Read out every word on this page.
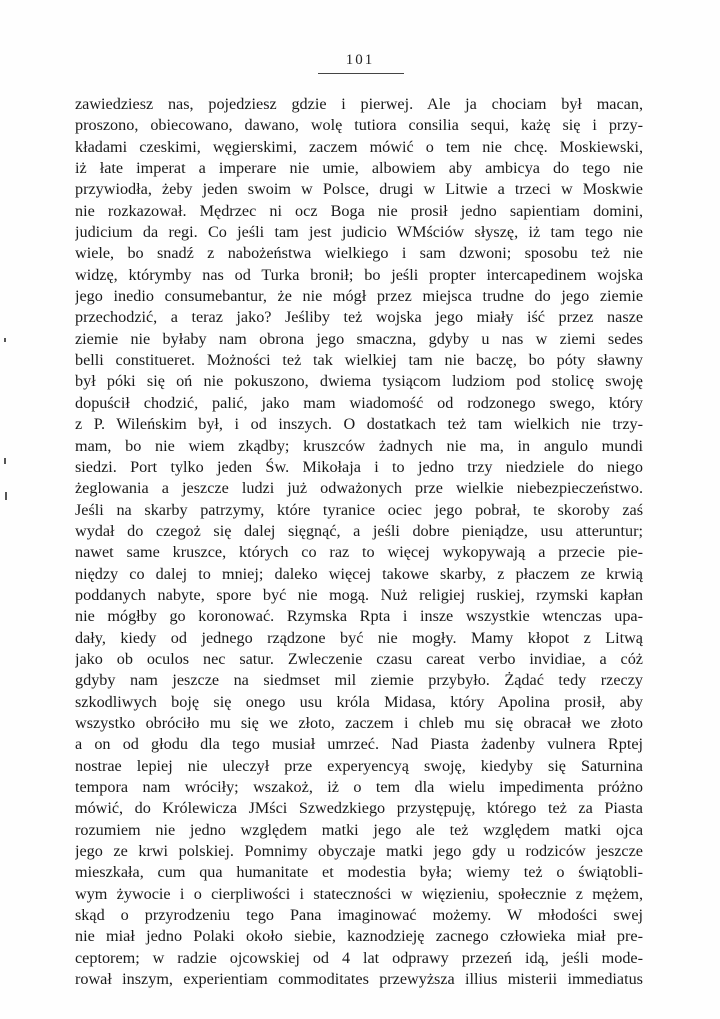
101
zawiedziesz nas, pojedziesz gdzie i pierwej. Ale ja chociam był macan,
proszono, obiecowano, dawano, wolę tutiora consilia sequi, każę się i przy-
kładami czeskimi, węgierskimi, zaczem mówić o tem nie chcę. Moskiewski,
iż łate imperat a imperare nie umie, albowiem aby ambicya do tego nie
przywiodła, żeby jeden swoim w Polsce, drugi w Litwie a trzeci w Moskwie
nie rozkazował. Mędrzec ni ocz Boga nie prosił jedno sapientiam domini,
judicium da regi. Co jeśli tam jest judicio WMściów słyszę, iż tam tego nie
wiele, bo snadź z nabożeństwa wielkiego i sam dzwoni; sposobu też nie
widzę, którymby nas od Turka bronił; bo jeśli propter intercapedinem wojska
jego inedio consumebantur, że nie mógł przez miejsca trudne do jego ziemie
przechodzić, a teraz jako? Jeśliby też wojska jego miały iść przez nasze
ziemie nie byłaby nam obrona jego smaczna, gdyby u nas w ziemi sedes
belli constitueret. Możności też tak wielkiej tam nie baczę, bo póty sławny
był póki się oń nie pokuszono, dwiema tysiącom ludziom pod stolicę swoję
dopuścił chodzić, palić, jako mam wiadomość od rodzonego swego, który
z P. Wileńskim był, i od inszych. O dostatkach też tam wielkich nie trzy-
mam, bo nie wiem zkądby; kruszców żadnych nie ma, in angulo mundi
siedzi. Port tylko jeden Św. Mikołaja i to jedno trzy niedziele do niego
żeglowania a jeszcze ludzi już odważonych prze wielkie niebezpieczeństwo.
Jeśli na skarby patrzymy, które tyranice ociec jego pobrał, te skoroby zaś
wydał do czegoż się dalej sięgnąć, a jeśli dobre pieniądze, usu atteruntur;
nawet same kruszce, których co raz to więcej wykopywają a przecie pie-
niędzy co dalej to mniej; daleko więcej takowe skarby, z płaczem ze krwią
poddanych nabyte, spore być nie mogą. Nuż religiej ruskiej, rzymski kapłan
nie mógłby go koronować. Rzymska Rpta i insze wszystkie wtenczas upa-
dały, kiedy od jednego rządzone być nie mogły. Mamy kłopot z Litwą
jako ob oculos nec satur. Zwleczenie czasu careat verbo invidiae, a cóż
gdyby nam jeszcze na siedmset mil ziemie przybyło. Żądać tedy rzeczy
szkodliwych boję się onego usu króla Midasa, który Apolina prosił, aby
wszystko obróciło mu się we złoto, zaczem i chleb mu się obracał we złoto
a on od głodu dla tego musiał umrzeć. Nad Piasta żadenby vulnera Rptej
nostrae lepiej nie uleczył prze experyencyą swoję, kiedyby się Saturnina
tempora nam wróciły; wszakoż, iż o tem dla wielu impedimenta próżno
mówić, do Królewicza JMści Szwedzkiego przystępuję, którego też za Piasta
rozumiem nie jedno względem matki jego ale też względem matki ojca
jego ze krwi polskiej. Pomnimy obyczaje matki jego gdy u rodziców jeszcze
mieszkała, cum qua humanitate et modestia była; wiemy też o świątobli-
wym żywocie i o cierpliwości i stateczności w więzieniu, społecznie z mężem,
skąd o przyrodzeniu tego Pana imaginować możemy. W młodości swej
nie miał jedno Polaki około siebie, kaznodzieję zacnego człowieka miał pre-
ceptorem; w radzie ojcowskiej od 4 lat odprawy przezeń idą, jeśli mode-
rował inszym, experientiam commoditates przewyższa illius misterii immediatus
